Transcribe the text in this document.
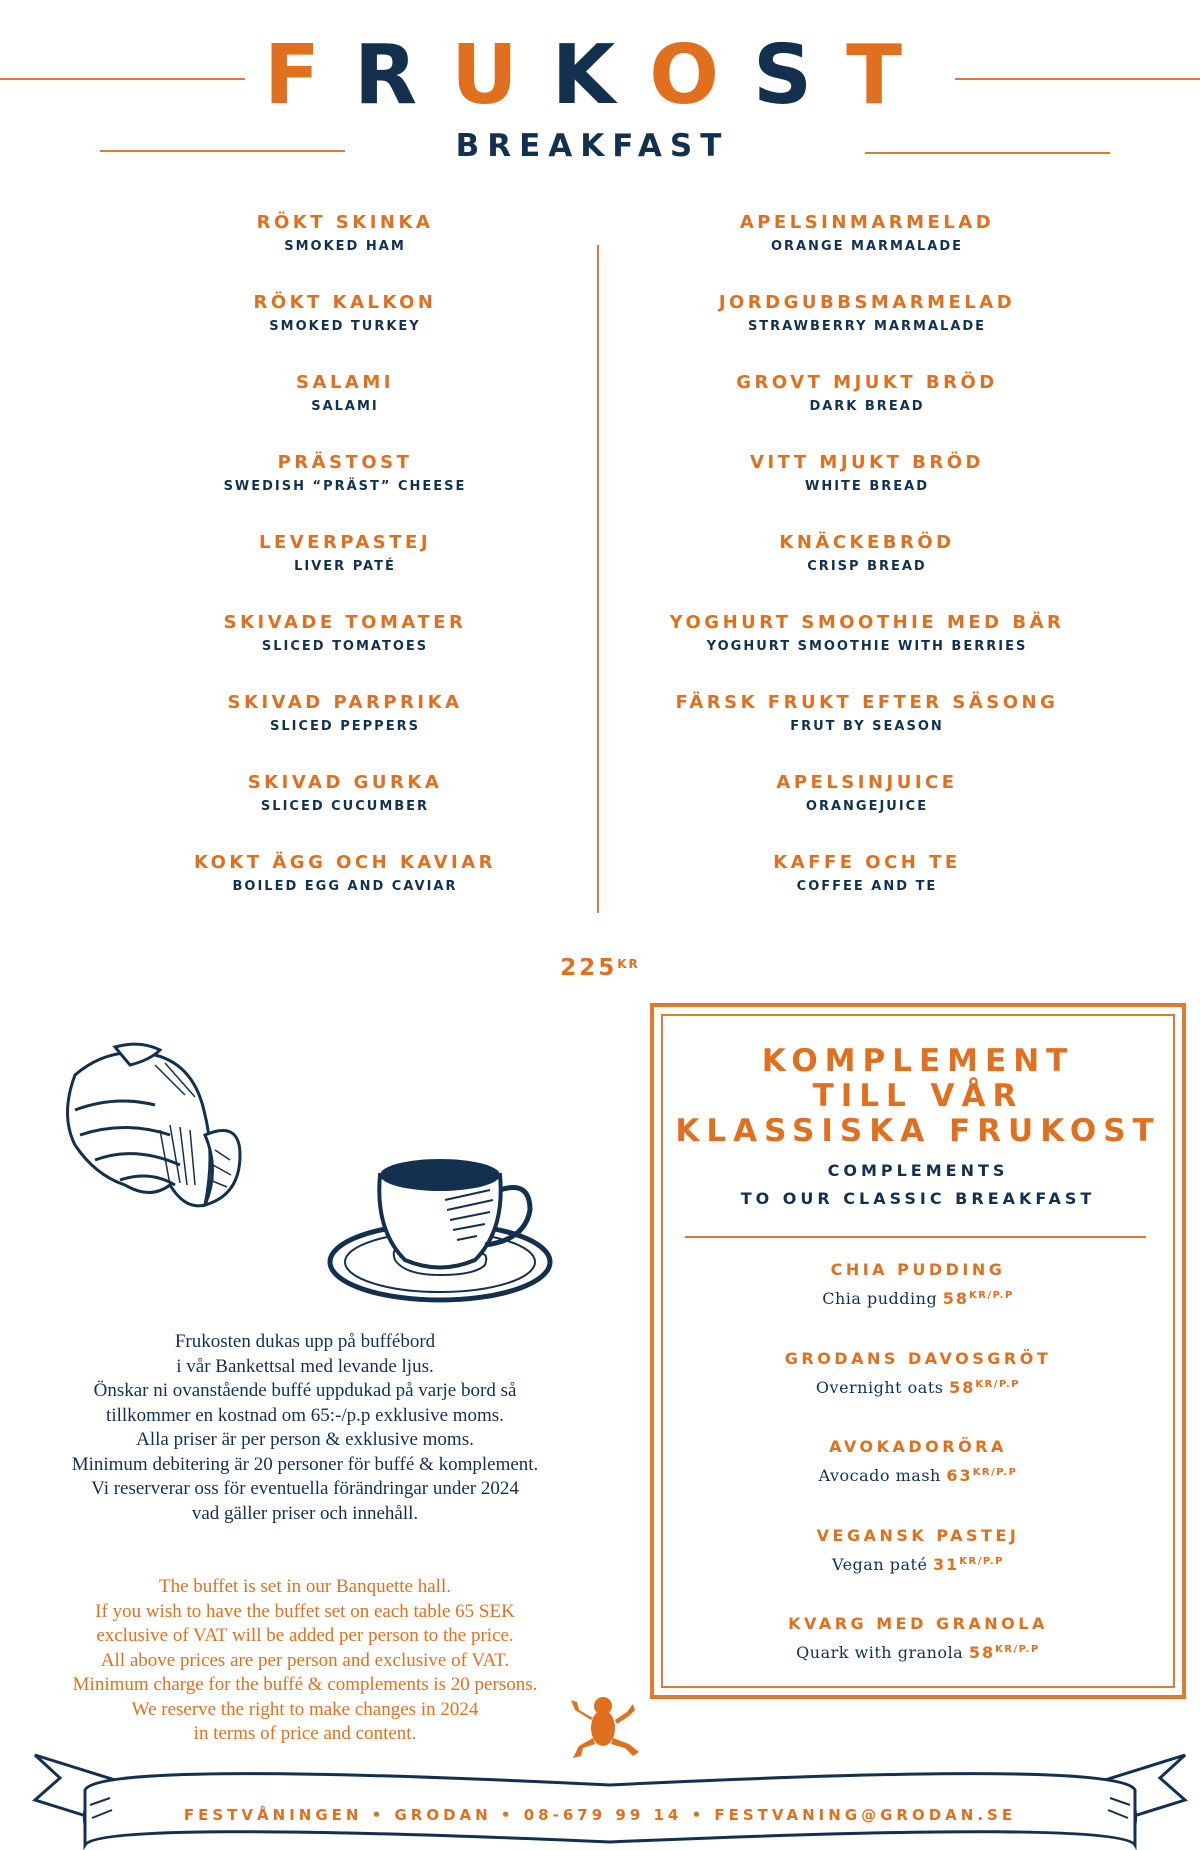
FRUKOST
BREAKFAST
RÖKT SKINKA
SMOKED HAM
RÖKT KALKON
SMOKED TURKEY
SALAMI
SALAMI
PRÄSTOST
SWEDISH “PRÄST” CHEESE
LEVERPASTEJ
LIVER PATÉ
SKIVADE TOMATER
SLICED TOMATOES
SKIVAD PARPRIKA
SLICED PEPPERS
SKIVAD GURKA
SLICED CUCUMBER
KOKT ÄGG OCH KAVIAR
BOILED EGG AND CAVIAR
APELSINMARMELAD
ORANGE MARMALADE
JORDGUBBSMARMELAD
STRAWBERRY MARMALADE
GROVT MJUKT BRÖD
DARK BREAD
VITT MJUKT BRÖD
WHITE BREAD
KNÄCKEBRÖD
CRISP BREAD
YOGHURT SMOOTHIE MED BÄR
YOGHURT SMOOTHIE WITH BERRIES
FÄRSK FRUKT EFTER SÄSONG
FRUT BY SEASON
APELSINJUICE
ORANGEJUICE
KAFFE OCH TE
COFFEE AND TE
$225^{KR}$
Frukosten dukas upp på buffébord
i vår Bankettsal med levande ljus.
Önskar ni ovanstående buffé uppdukad på varje bord så
tillkommer en kostnad om 65:-/p.p exklusive moms.
Alla priser är per person & exklusive moms.
Minimum debitering är 20 personer för buffé & komplement.
Vi reserverar oss för eventuella förändringar under 2024
vad gäller priser och innehåll.
The buffet is set in our Banquette hall.
If you wish to have the buffet set on each table 65 SEK
exclusive of VAT will be added per person to the price.
All above prices are per person and exclusive of VAT.
Minimum charge for the buffé & complements is 20 persons.
We reserve the right to make changes in 2024
in terms of price and content.
FESTVÅNINGEN • GRODAN • 08-679 99 14 • FESTVANING@GRODAN.SE
KOMPLEMENT
TILL VÅR
KLASSISKA FRUKOST
COMPLEMENTS
TO OUR CLASSIC BREAKFAST
CHIA PUDDING
Chia pudding $58^{KR/P.P}$
GRODANS DAVOSGRÖT
Overnight oats $58^{KR/P.P}$
AVOKADORÖRA
Avocado mash $63^{KR/P.P}$
VEGANSK PASTEJ
Vegan paté $31^{KR/P.P}$
KVARG MED GRANOLA
Quark with granola $58^{KR/P.P}$
